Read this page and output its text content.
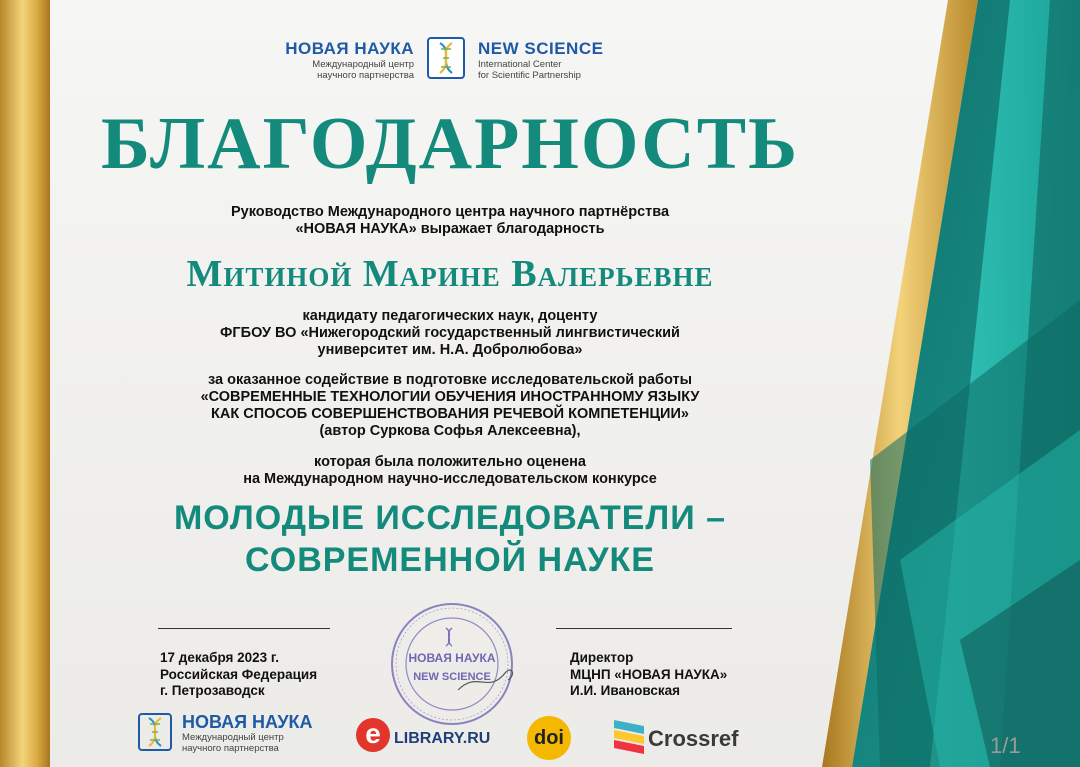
НОВАЯ НАУКА
Международный центр
научного партнерства
NEW SCIENCE
International Center
for Scientific Partnership
БЛАГОДАРНОСТЬ
Руководство Международного центра научного партнёрства
«НОВАЯ НАУКА» выражает благодарность
Митиной Марине Валерьевне
кандидату педагогических наук, доценту
ФГБОУ ВО «Нижегородский государственный лингвистический
университет им. Н.А. Добролюбова»
за оказанное содействие в подготовке исследовательской работы
«СОВРЕМЕННЫЕ ТЕХНОЛОГИИ ОБУЧЕНИЯ ИНОСТРАННОМУ ЯЗЫКУ
КАК СПОСОБ СОВЕРШЕНСТВОВАНИЯ РЕЧЕВОЙ КОМПЕТЕНЦИИ»
(автор Суркова Софья Алексеевна),
которая была положительно оценена
на Международном научно-исследовательском конкурсе
МОЛОДЫЕ ИССЛЕДОВАТЕЛИ –
СОВРЕМЕННОЙ НАУКЕ
17 декабря 2023 г.
Российская Федерация
г. Петрозаводск
Директор
МЦНП «НОВАЯ НАУКА»
И.И. Ивановская
НОВАЯ НАУКА
NEW SCIENCE
НОВАЯ НАУКА
Международный центр
научного партнерства	e LIBRARY.RU	doi	Crossref	1/1
